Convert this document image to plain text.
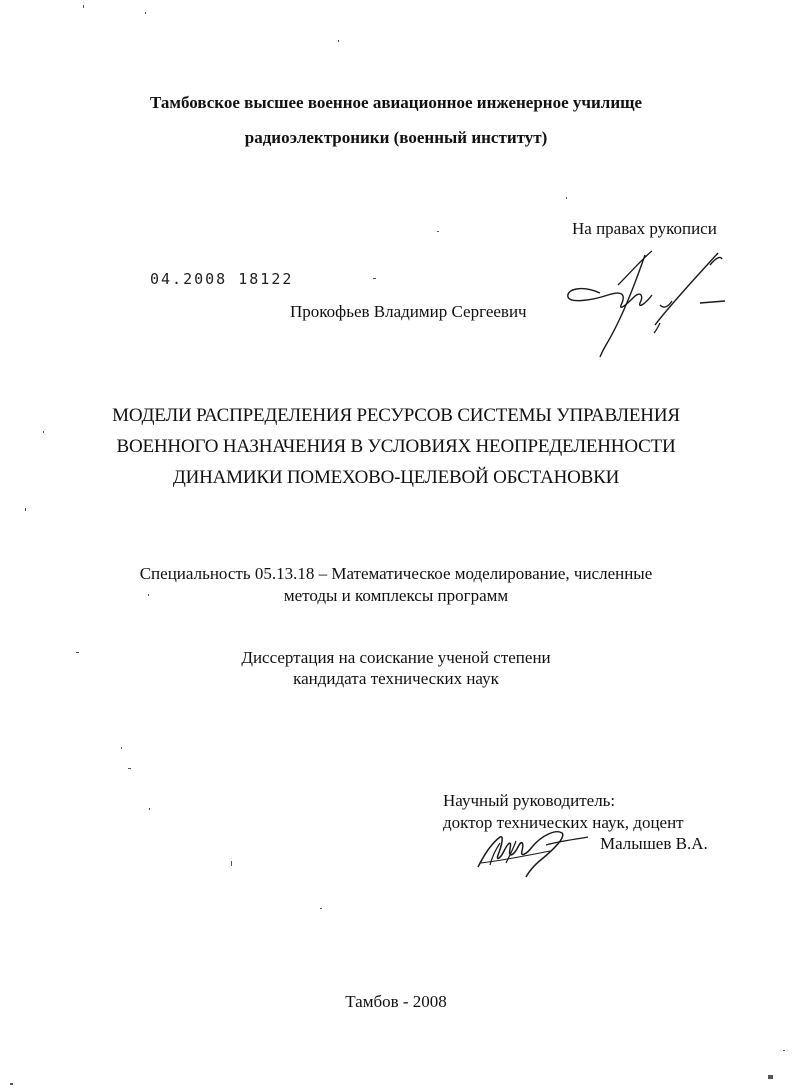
Тамбовское высшее военное авиационное инженерное училище
радиоэлектроники (военный институт)
На правах рукописи
04.2008 18122
Прокофьев Владимир Сергеевич
МОДЕЛИ РАСПРЕДЕЛЕНИЯ РЕСУРСОВ СИСТЕМЫ УПРАВЛЕНИЯ
ВОЕННОГО НАЗНАЧЕНИЯ В УСЛОВИЯХ НЕОПРЕДЕЛЕННОСТИ
ДИНАМИКИ ПОМЕХОВО-ЦЕЛЕВОЙ ОБСТАНОВКИ
Специальность 05.13.18 – Математическое моделирование, численные
методы и комплексы программ
Диссертация на соискание ученой степени
кандидата технических наук
Научный руководитель:
доктор технических наук, доцент
Малышев В.А.
Тамбов - 2008
